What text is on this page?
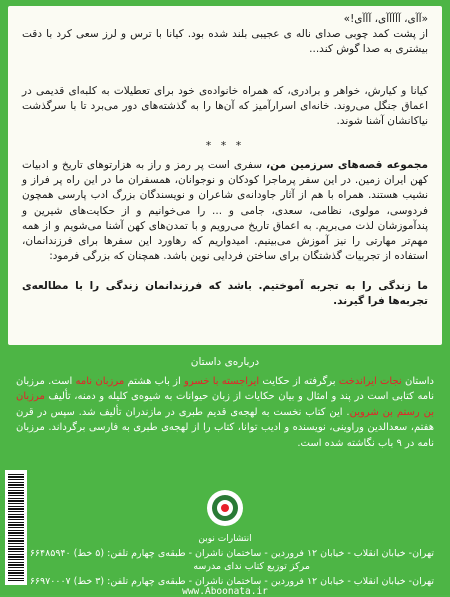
«آآی، آآآآآی، آآآی!»
از پشت کمد چوبی صدای ناله ی عجیبی بلند شده بود. کیانا با ترس و لرز سعی کرد با دقت بیشتری به صدا گوش کند...

کیانا و کیارش، خواهر و برادری، که همراه خانواده‌ی خود برای تعطیلات به کلبه‌ای قدیمی در اعماق جنگل می‌روند. خانه‌ای اسرارآمیز که آن‌ها را به گذشته‌های دور می‌برد تا با سرگذشت نیاکانشان آشنا شوند.

* * *

مجموعه قصه‌های سرزمین من، سفری است پر رمز و راز به هزارتوهای تاریخ و ادبیات کهن ایران زمین. در این سفر پرماجرا کودکان و نوجوانان، همسفران ما در این راه پر فراز و نشیب هستند. همراه با هم از آثار جاودانه‌ی شاعران و نویسندگان بزرگ ادب پارسی همچون فردوسی، مولوی، نظامی، سعدی، جامی و ... را می‌خوانیم و از حکایت‌های شیرین و پندآموزشان لذت می‌بریم. به اعماق تاریخ می‌رویم و با تمدن‌های کهن آشنا می‌شویم و از همه مهم‌تر مهارتی را نیز آموزش می‌بینیم. امیدواریم که رهاورد این سفرها برای فرزندانمان، استفاده از تجربیات گذشتگان برای ساختن فردایی نوین باشد. همچنان که بزرگی فرمود:

ما زندگی را به تجربه آموختیم. باشد که فرزندانمان زندگی را با مطالعه‌ی تجربه‌ها فرا گیرند.

درباره‌ی داستان

داستان نجات ایراندخت برگرفته از حکایت ایراجسته با خسرو از باب هشتم مرزبان نامه است. مرزبان نامه کتابی است در پند و امثال و بیان حکایات از زبان حیوانات به شیوه‌ی کلیله و دمنه، تألیف مرزبان بن رستم بن شروین. این کتاب نخست به لهجه‌ی قدیم طبری در مازندران تألیف شد. سپس در قرن هفتم، سعدالدین وراوینی، نویسنده و ادیب توانا، کتاب را از لهجه‌ی طبری به فارسی برگرداند. مرزبان نامه در ۹ باب نگاشته شده است.

انتشارات نوبن
تهران- خیابان انقلاب - خیابان ۱۲ فروردین - ساختمان ناشران - طبقه‌ی چهارم تلفن: (۵ خط) ۶۶۴۸۵۹۴۰
مرکز توزیع کتاب ندای مدرسه
تهران- خیابان انقلاب - خیابان ۱۲ فروردین - ساختمان ناشران - طبقه‌ی چهارم تلفن: (۳ خط) ۶۶۹۷۰۰۰۷
www.Aboonata.ir
